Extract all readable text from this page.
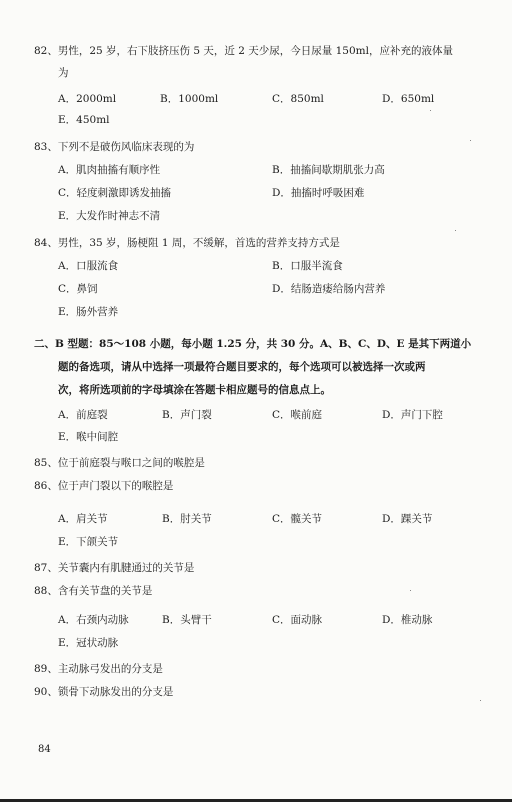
82、男性，25 岁，右下肢挤压伤 5 天，近 2 天少尿，今日尿量 150ml，应补充的液体量
为
A．2000ml	B．1000ml	C．850ml	D．650ml
E．450ml
83、下列不是破伤风临床表现的为
A．肌肉抽搐有顺序性	B．抽搐间歇期肌张力高
C．轻度刺激即诱发抽搐	D．抽搐时呼吸困难
E．大发作时神志不清
84、男性，35 岁，肠梗阻 1 周，不缓解，首选的营养支持方式是
A．口服流食	B．口服半流食
C．鼻饲	D．结肠造瘘给肠内营养
E．肠外营养
二、B 型题：85～108 小题，每小题 1.25 分，共 30 分。A、B、C、D、E 是其下两道小
题的备选项，请从中选择一项最符合题目要求的，每个选项可以被选择一次或两
次，将所选项前的字母填涂在答题卡相应题号的信息点上。
A．前庭裂	B．声门裂	C．喉前庭	D．声门下腔
E．喉中间腔
85、位于前庭裂与喉口之间的喉腔是
86、位于声门裂以下的喉腔是
A．肩关节	B．肘关节	C．髋关节	D．踝关节
E．下颌关节
87、关节囊内有肌腱通过的关节是
88、含有关节盘的关节是
A．右颈内动脉	B．头臂干	C．面动脉	D．椎动脉
E．冠状动脉
89、主动脉弓发出的分支是
90、锁骨下动脉发出的分支是
84
